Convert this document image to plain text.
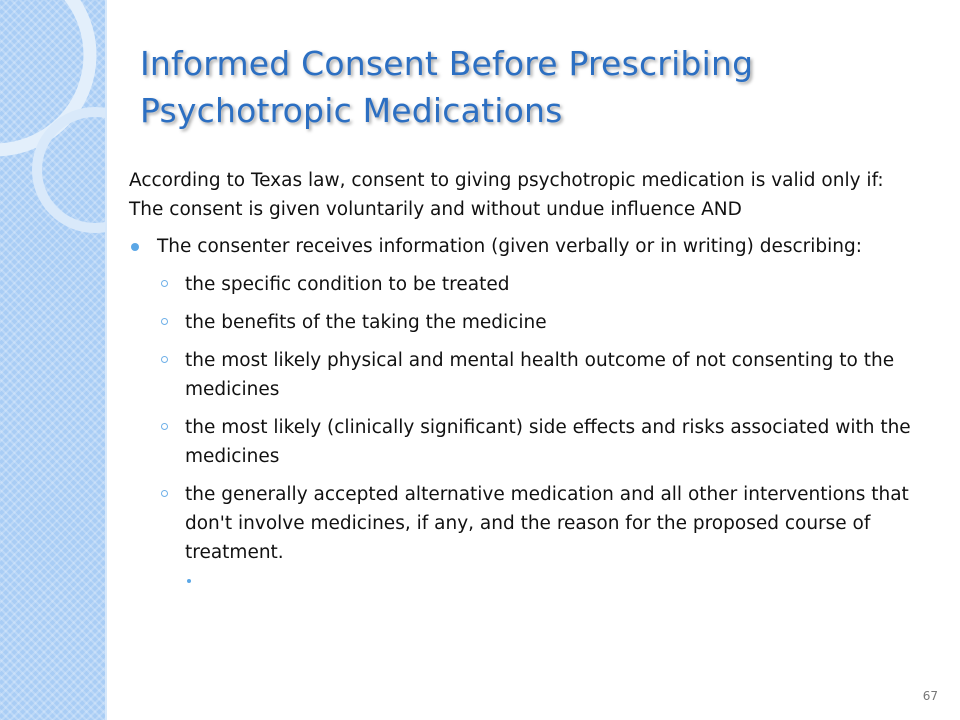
Informed Consent Before Prescribing
Psychotropic Medications

According to Texas law, consent to giving psychotropic medication is valid only if:

The consent is given voluntarily and without undue influence AND

The consenter receives information (given verbally or in writing) describing:
the specific condition to be treated
the benefits of the taking the medicine
the most likely physical and mental health outcome of not consenting to the medicines
the most likely (clinically significant) side effects and risks associated with the medicines
the generally accepted alternative medication and all other interventions that don't involve medicines, if any, and the reason for the proposed course of treatment.
67
